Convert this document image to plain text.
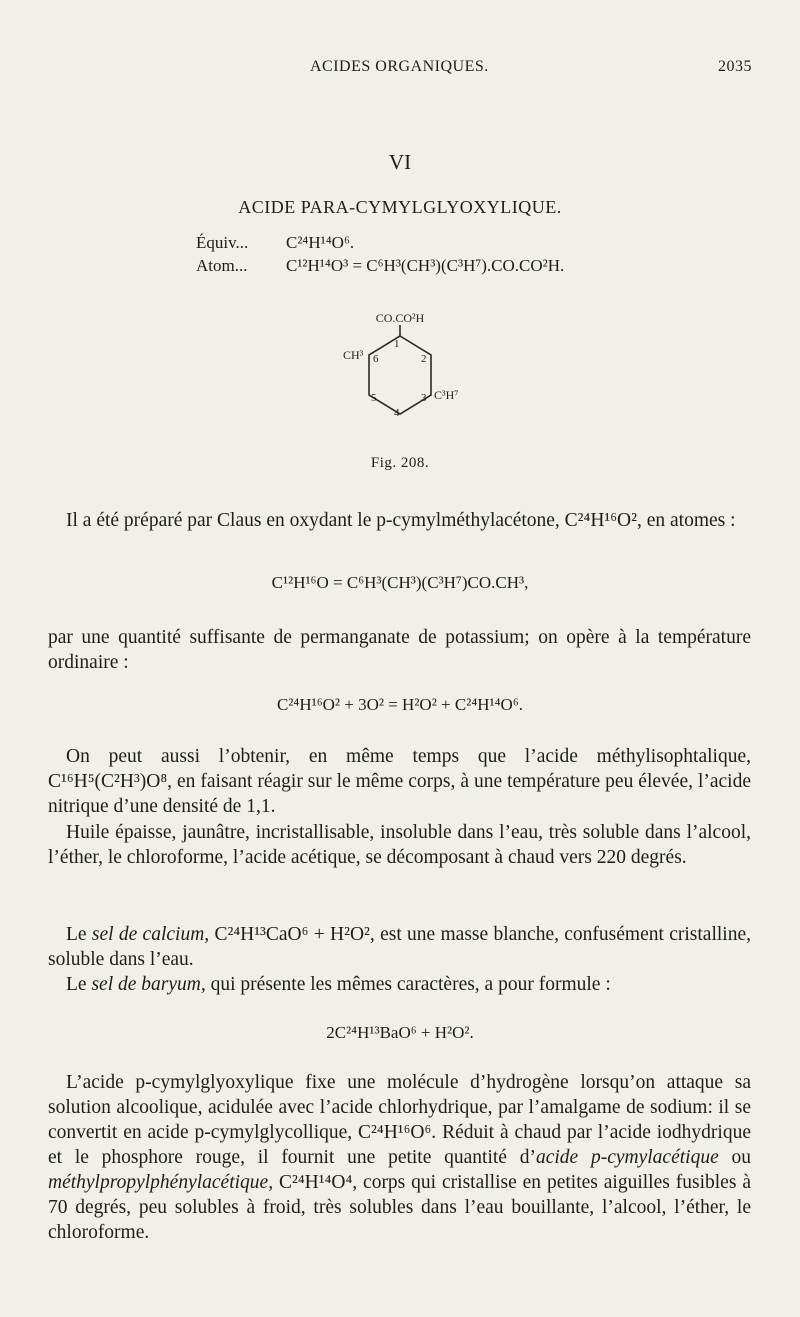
ACIDES ORGANIQUES.	2035
VI
ACIDE PARA-CYMYLGLYOXYLIQUE.
Équiv... C²⁴H¹⁴O⁶.
Atom... C¹²H¹⁴O³ = C⁶H³(CH³)(C³H⁷).CO.CO²H.
CO.CO²H
CH³
C³H⁷
1
2
3
4
5
6
Fig. 208.
Il a été préparé par Claus en oxydant le p-cymylméthylacétone, C²⁴H¹⁶O², en atomes :
C¹²H¹⁶O = C⁶H³(CH³)(C³H⁷)CO.CH³,
par une quantité suffisante de permanganate de potassium; on opère à la température ordinaire :
C²⁴H¹⁶O² + 3O² = H²O² + C²⁴H¹⁴O⁶.
On peut aussi l’obtenir, en même temps que l’acide méthylisophtalique, C¹⁶H⁵(C²H³)O⁸, en faisant réagir sur le même corps, à une température peu élevée, l’acide nitrique d’une densité de 1,1.
Huile épaisse, jaunâtre, incristallisable, insoluble dans l’eau, très soluble dans l’alcool, l’éther, le chloroforme, l’acide acétique, se décomposant à chaud vers 220 degrés.
Le sel de calcium, C²⁴H¹³CaO⁶ + H²O², est une masse blanche, confusément cristalline, soluble dans l’eau.
Le sel de baryum, qui présente les mêmes caractères, a pour formule :
2C²⁴H¹³BaO⁶ + H²O².
L’acide p-cymylglyoxylique fixe une molécule d’hydrogène lorsqu’on attaque sa solution alcoolique, acidulée avec l’acide chlorhydrique, par l’amalgame de sodium: il se convertit en acide p-cymylglycollique, C²⁴H¹⁶O⁶. Réduit à chaud par l’acide iodhydrique et le phosphore rouge, il fournit une petite quantité d’acide p-cymylacétique ou méthylpropylphénylacétique, C²⁴H¹⁴O⁴, corps qui cristallise en petites aiguilles fusibles à 70 degrés, peu solubles à froid, très solubles dans l’eau bouillante, l’alcool, l’éther, le chloroforme.
